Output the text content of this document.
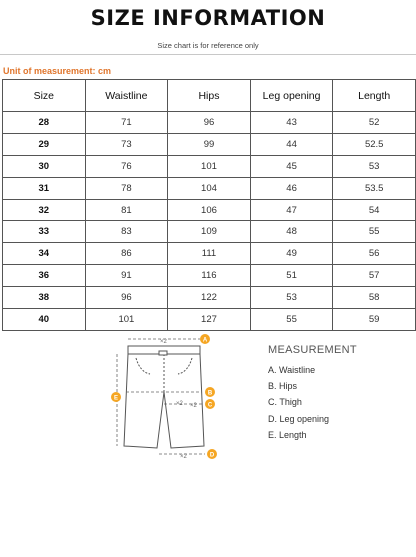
SIZE INFORMATION
Size chart is for reference only
Unit of measurement: cm
Size	Waistline	Hips	Leg opening	Length
28	71	96	43	52
29	73	99	44	52.5
30	76	101	45	53
31	78	104	46	53.5
32	81	106	47	54
33	83	109	48	55
34	86	111	49	56
36	91	116	51	57
38	96	122	53	58
40	101	127	55	59
×2
×2 ×2
×2
A
B
C
D
E
MEASUREMENT
A. Waistline
B. Hips
C. Thigh
D. Leg opening
E. Length
